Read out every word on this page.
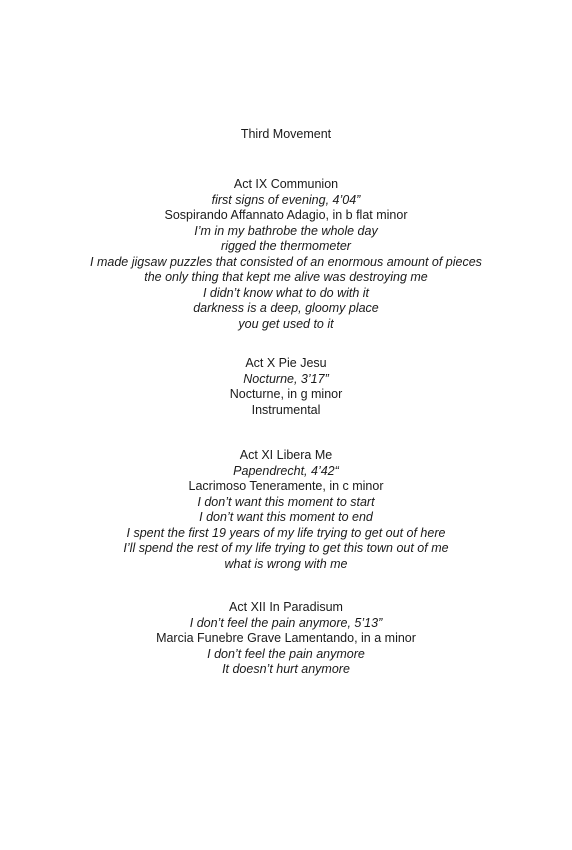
Third Movement
Act IX Communion
first signs of evening, 4’04”
Sospirando Affannato Adagio, in b flat minor
I’m in my bathrobe the whole day
rigged the thermometer
I made jigsaw puzzles that consisted of an enormous amount of pieces
the only thing that kept me alive was destroying me
I didn’t know what to do with it
darkness is a deep, gloomy place
you get used to it
Act X Pie Jesu
Nocturne, 3’17”
Nocturne, in g minor
Instrumental
Act XI Libera Me
Papendrecht, 4’42“
Lacrimoso Teneramente, in c minor
I don’t want this moment to start
I don’t want this moment to end
I spent the first 19 years of my life trying to get out of here
I’ll spend the rest of my life trying to get this town out of me
what is wrong with me
Act XII In Paradisum
I don’t feel the pain anymore, 5’13”
Marcia Funebre Grave Lamentando, in a minor
I don’t feel the pain anymore
It doesn’t hurt anymore
